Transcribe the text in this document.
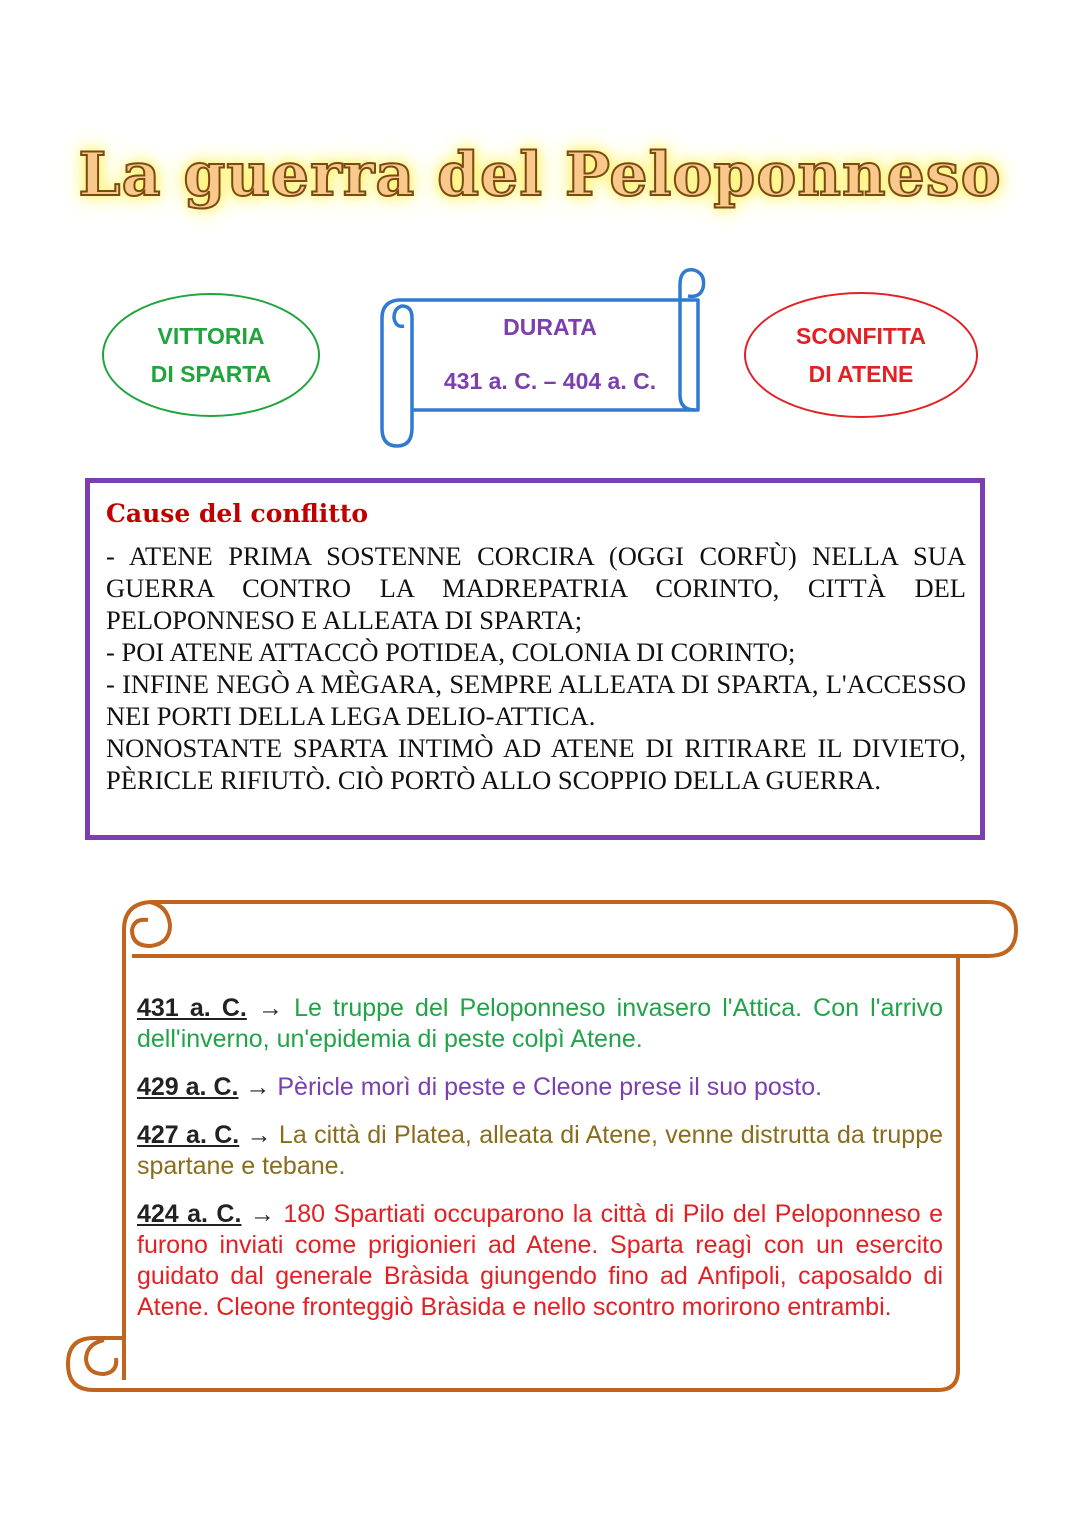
La guerra del Peloponneso
VITTORIA
DI SPARTA
SCONFITTA
DI ATENE
DURATA
431 a. C. – 404 a. C.
Cause del conflitto

- ATENE PRIMA SOSTENNE CORCIRA (OGGI CORFÙ) NELLA SUA GUERRA CONTRO LA MADREPATRIA CORINTO, CITTÀ DEL PELOPONNESO E ALLEATA DI SPARTA;

- POI ATENE ATTACCÒ POTIDEA, COLONIA DI CORINTO;

- INFINE NEGÒ A MÈGARA, SEMPRE ALLEATA DI SPARTA, L'ACCESSO NEI PORTI DELLA LEGA DELIO-ATTICA.

NONOSTANTE SPARTA INTIMÒ AD ATENE DI RITIRARE IL DIVIETO, PÈRICLE RIFIUTÒ. CIÒ PORTÒ ALLO SCOPPIO DELLA GUERRA.

431 a. C. → Le truppe del Peloponneso invasero l'Attica. Con l'arrivo dell'inverno, un'epidemia di peste colpì Atene.

429 a. C. → Pèricle morì di peste e Cleone prese il suo posto.

427 a. C. → La città di Platea, alleata di Atene, venne distrutta da truppe spartane e tebane.

424 a. C. → 180 Spartiati occuparono la città di Pilo del Peloponneso e furono inviati come prigionieri ad Atene. Sparta reagì con un esercito guidato dal generale Bràsida giungendo fino ad Anfipoli, caposaldo di Atene. Cleone fronteggiò Bràsida e nello scontro morirono entrambi.
